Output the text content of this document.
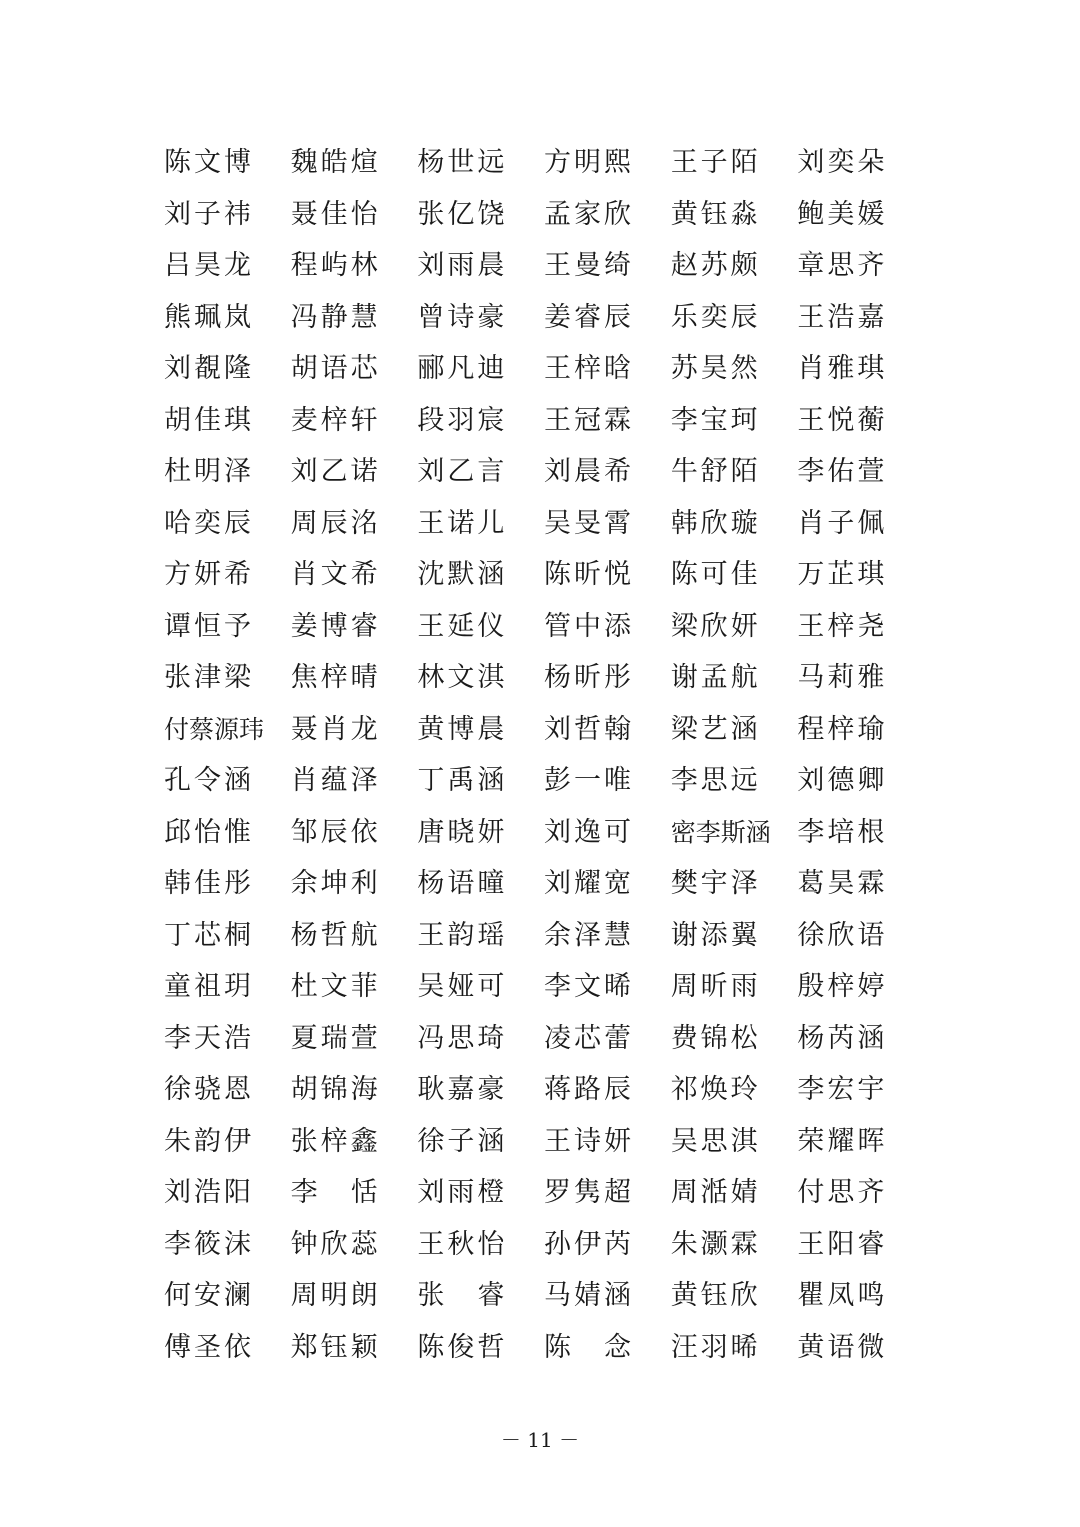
陈文博	魏皓煊	杨世远	方明熙	王子陌	刘奕朵
刘子祎	聂佳怡	张亿饶	孟家欣	黄钰淼	鲍美媛
吕昊龙	程屿林	刘雨晨	王曼绮	赵苏颇	章思齐
熊珮岚	冯静慧	曾诗豪	姜睿辰	乐奕辰	王浩嘉
刘覩隆	胡语芯	郦凡迪	王梓晗	苏昊然	肖雅琪
胡佳琪	麦梓轩	段羽宸	王冠霖	李宝珂	王悦蘅
杜明泽	刘乙诺	刘乙言	刘晨希	牛舒陌	李佑萱
哈奕辰	周辰洺	王诺儿	吴旻霄	韩欣璇	肖子佩
方妍希	肖文希	沈默涵	陈昕悦	陈可佳	万芷琪
谭恒予	姜博睿	王延仪	管中添	梁欣妍	王梓尧
张津梁	焦梓晴	林文淇	杨昕彤	谢孟航	马莉雅
付蔡源玮 聂肖龙	黄博晨	刘哲翰	梁艺涵	程梓瑜
孔令涵	肖蕴泽	丁禹涵	彭一唯	李思远	刘德卿
邱怡惟	邹辰依	唐晓妍	刘逸可	密李斯涵 李培根
韩佳彤	余坤利	杨语曈	刘耀宽	樊宇泽	葛昊霖
丁芯桐	杨哲航	王韵瑶	余泽慧	谢添翼	徐欣语
童祖玥	杜文菲	吴娅可	李文晞	周昕雨	殷梓婷
李天浩	夏瑞萱	冯思琦	凌芯蕾	费锦松	杨芮涵
徐骁恩	胡锦海	耿嘉豪	蒋路辰	祁焕玲	李宏宇
朱韵伊	张梓鑫	徐子涵	王诗妍	吴思淇	荣耀晖
刘浩阳	李　恬	刘雨橙	罗隽超	周湉婧	付思齐
李筱沫	钟欣蕊	王秋怡	孙伊芮	朱灏霖	王阳睿
何安澜	周明朗	张　睿	马婧涵	黄钰欣	瞿凤鸣
傅圣依	郑钰颖	陈俊哲	陈　念	汪羽晞	黄语微
－ 11 －
